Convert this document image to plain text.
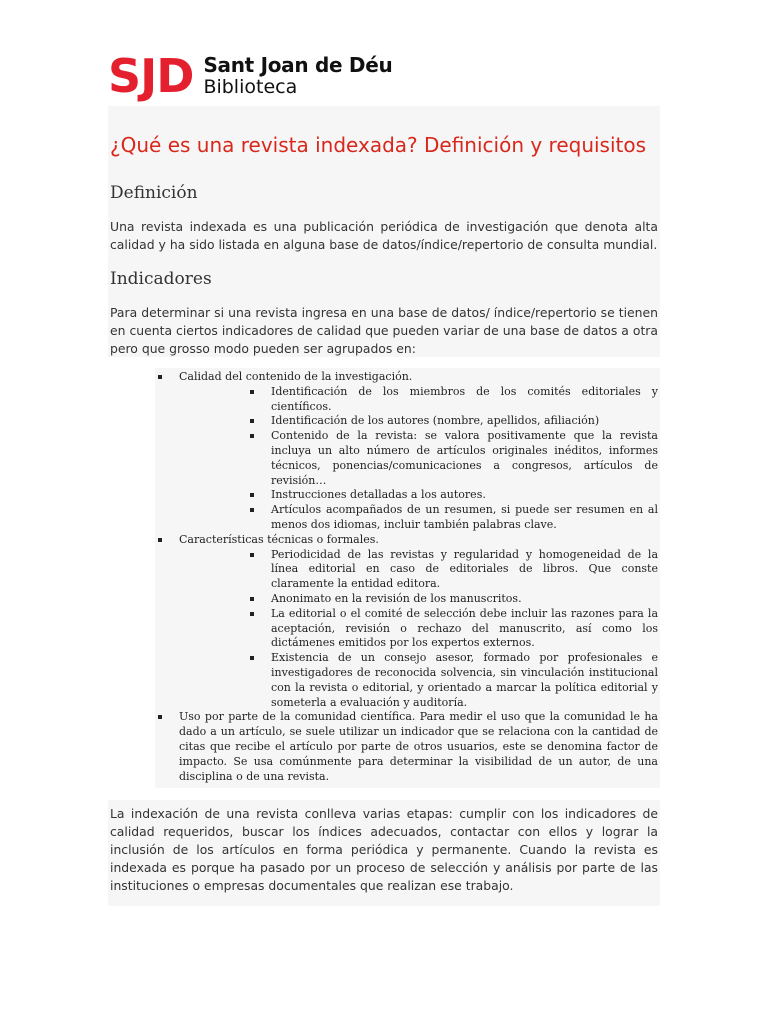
SJD Sant Joan de Déu
Biblioteca
¿Qué es una revista indexada? Definición y requisitos
Definición

Una revista indexada es una publicación periódica de investigación que denota alta calidad y ha sido listada en alguna base de datos/índice/repertorio de consulta mundial.

Indicadores

Para determinar si una revista ingresa en una base de datos/ índice/repertorio se tienen en cuenta ciertos indicadores de calidad que pueden variar de una base de datos a otra pero que grosso modo pueden ser agrupados en:

Calidad del contenido de la investigación.
Identificación de los miembros de los comités editoriales y científicos.
Identificación de los autores (nombre, apellidos, afiliación)
Contenido de la revista: se valora positivamente que la revista incluya un alto número de artículos originales inéditos, informes técnicos, ponencias/comunicaciones a congresos, artículos de revisión…
Instrucciones detalladas a los autores.
Artículos acompañados de un resumen, si puede ser resumen en al menos dos idiomas, incluir también palabras clave.
Características técnicas o formales.
Periodicidad de las revistas y regularidad y homogeneidad de la línea editorial en caso de editoriales de libros. Que conste claramente la entidad editora.
Anonimato en la revisión de los manuscritos.
La editorial o el comité de selección debe incluir las razones para la aceptación, revisión o rechazo del manuscrito, así como los dictámenes emitidos por los expertos externos.
Existencia de un consejo asesor, formado por profesionales e investigadores de reconocida solvencia, sin vinculación institucional con la revista o editorial, y orientado a marcar la política editorial y someterla a evaluación y auditoría.
Uso por parte de la comunidad científica. Para medir el uso que la comunidad le ha dado a un artículo, se suele utilizar un indicador que se relaciona con la cantidad de citas que recibe el artículo por parte de otros usuarios, este se denomina factor de impacto. Se usa comúnmente para determinar la visibilidad de un autor, de una disciplina o de una revista.

La indexación de una revista conlleva varias etapas: cumplir con los indicadores de calidad requeridos, buscar los índices adecuados, contactar con ellos y lograr la inclusión de los artículos en forma periódica y permanente. Cuando la revista es indexada es porque ha pasado por un proceso de selección y análisis por parte de las instituciones o empresas documentales que realizan ese trabajo.
